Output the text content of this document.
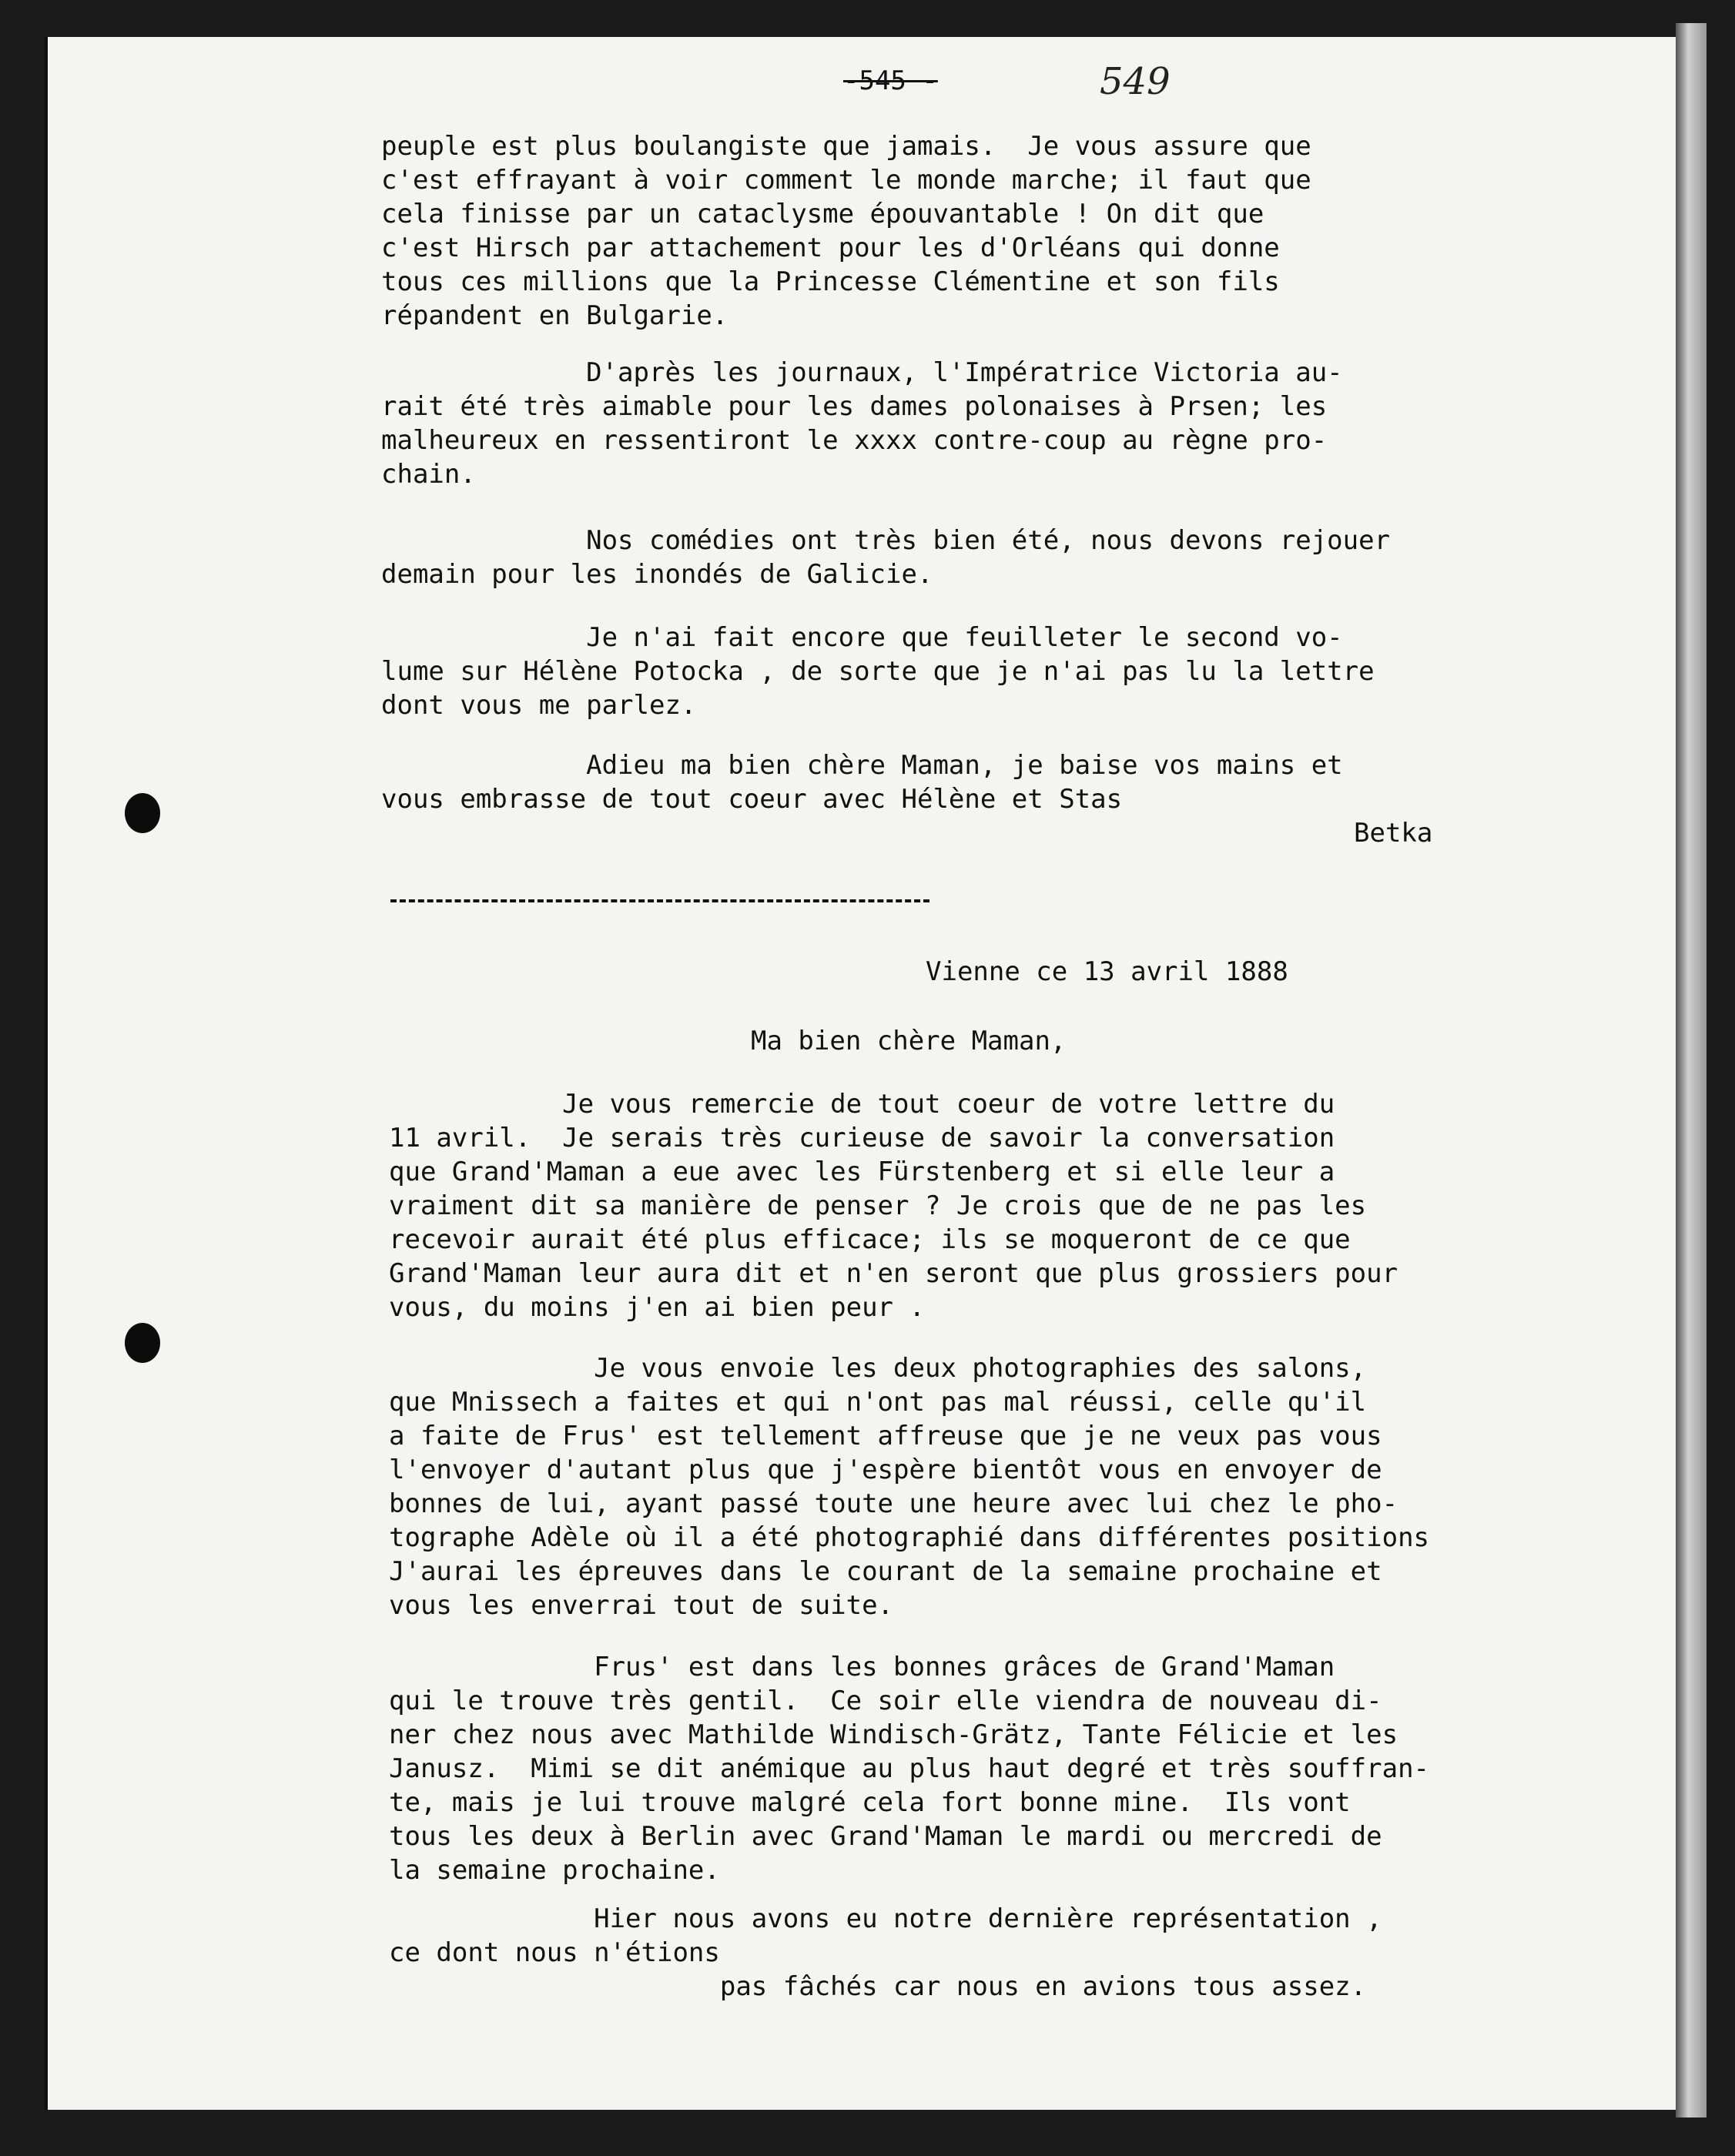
-545 -	549
peuple est plus boulangiste que jamais.  Je vous assure que
c'est effrayant à voir comment le monde marche; il faut que
cela finisse par un cataclysme épouvantable ! On dit que
c'est Hirsch par attachement pour les d'Orléans qui donne
tous ces millions que la Princesse Clémentine et son fils
répandent en Bulgarie.
D'après les journaux, l'Impératrice Victoria au-
rait été très aimable pour les dames polonaises à Prsen; les
malheureux en ressentiront le xxxx contre-coup au règne pro-
chain.
Nos comédies ont très bien été, nous devons rejouer
demain pour les inondés de Galicie.
Je n'ai fait encore que feuilleter le second vo-
lume sur Hélène Potocka , de sorte que je n'ai pas lu la lettre
dont vous me parlez.
Adieu ma bien chère Maman, je baise vos mains et
vous embrasse de tout coeur avec Hélène et Stas
Betka
Vienne ce 13 avril 1888
Ma bien chère Maman,
Je vous remercie de tout coeur de votre lettre du
11 avril.  Je serais très curieuse de savoir la conversation
que Grand'Maman a eue avec les Fürstenberg et si elle leur a
vraiment dit sa manière de penser ? Je crois que de ne pas les
recevoir aurait été plus efficace; ils se moqueront de ce que
Grand'Maman leur aura dit et n'en seront que plus grossiers pour
vous, du moins j'en ai bien peur .
Je vous envoie les deux photographies des salons,
que Mnissech a faites et qui n'ont pas mal réussi, celle qu'il
a faite de Frus' est tellement affreuse que je ne veux pas vous
l'envoyer d'autant plus que j'espère bientôt vous en envoyer de
bonnes de lui, ayant passé toute une heure avec lui chez le pho-
tographe Adèle où il a été photographié dans différentes positions
J'aurai les épreuves dans le courant de la semaine prochaine et
vous les enverrai tout de suite.
Frus' est dans les bonnes grâces de Grand'Maman
qui le trouve très gentil.  Ce soir elle viendra de nouveau di-
ner chez nous avec Mathilde Windisch-Grätz, Tante Félicie et les
Janusz.  Mimi se dit anémique au plus haut degré et très souffran-
te, mais je lui trouve malgré cela fort bonne mine.  Ils vont
tous les deux à Berlin avec Grand'Maman le mardi ou mercredi de
la semaine prochaine.
Hier nous avons eu notre dernière représentation ,
ce dont nous n'étions
pas fâchés car nous en avions tous assez.
